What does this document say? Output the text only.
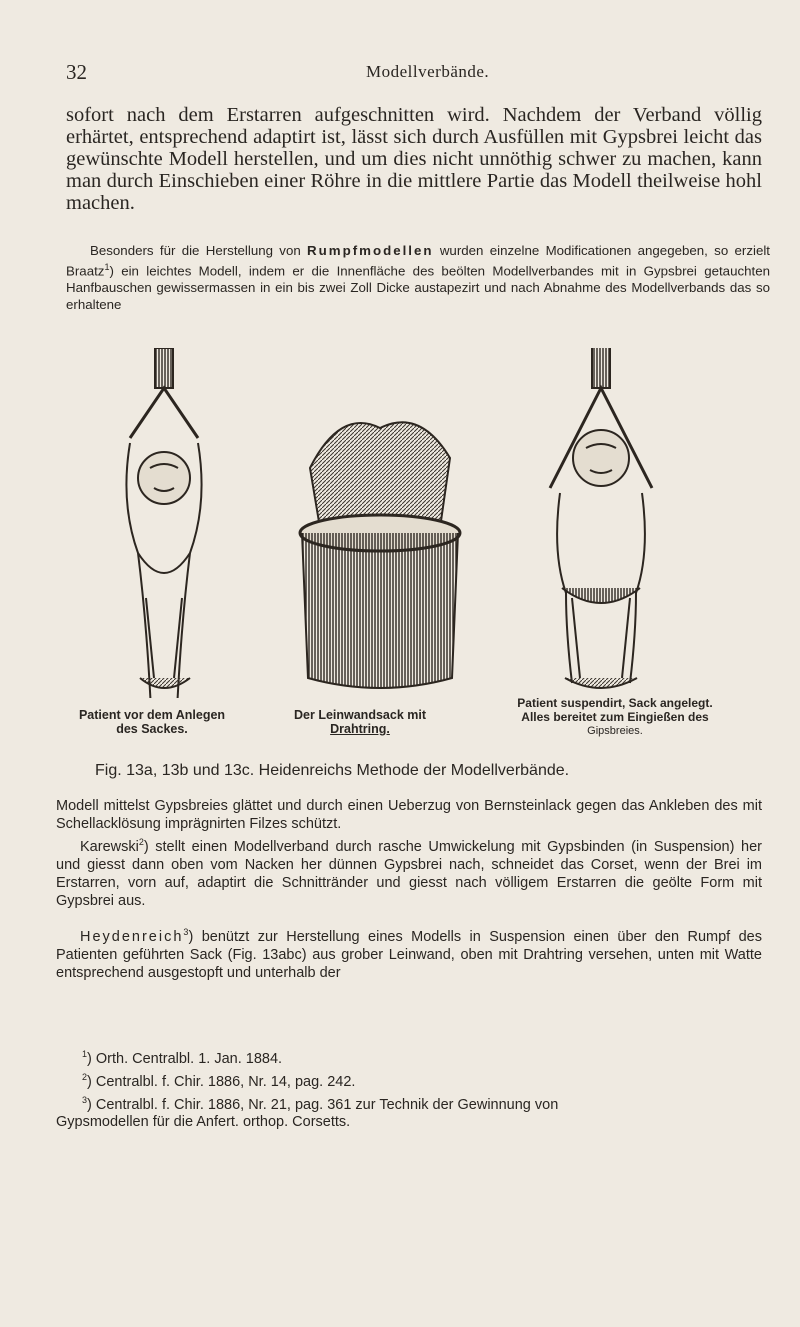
32	Modellverbände.

sofort nach dem Erstarren aufgeschnitten wird. Nachdem der Verband völlig erhärtet, entsprechend adaptirt ist, lässt sich durch Ausfüllen mit Gypsbrei leicht das gewünschte Modell herstellen, und um dies nicht unnöthig schwer zu machen, kann man durch Einschieben einer Röhre in die mittlere Partie das Modell theilweise hohl machen.

Besonders für die Herstellung von Rumpfmodellen wurden einzelne Modificationen angegeben, so erzielt Braatz$^1$) ein leichtes Modell, indem er die Innenfläche des beölten Modellverbandes mit in Gypsbrei getauchten Hanfbauschen gewissermassen in ein bis zwei Zoll Dicke austapezirt und nach Abnahme des Modellverbands das so erhaltene

Patient vor dem Anlegen
des Sackes.
Der Leinwandsack mit
Drahtring.
Patient suspendirt, Sack angelegt.
Alles bereitet zum Eingießen des
Gipsbreies.
Fig. 13a, 13b und 13c. Heidenreichs Methode der Modellverbände.

Modell mittelst Gypsbreies glättet und durch einen Ueberzug von Bernsteinlack gegen das Ankleben des mit Schellacklösung imprägnirten Filzes schützt.

Karewski$^2$) stellt einen Modellverband durch rasche Umwickelung mit Gypsbinden (in Suspension) her und giesst dann oben vom Nacken her dünnen Gypsbrei nach, schneidet das Corset, wenn der Brei im Erstarren, vorn auf, adaptirt die Schnittränder und giesst nach völligem Erstarren die geölte Form mit Gypsbrei aus.

Heydenreich$^3$) benützt zur Herstellung eines Modells in Suspension einen über den Rumpf des Patienten geführten Sack (Fig. 13abc) aus grober Leinwand, oben mit Drahtring versehen, unten mit Watte entsprechend ausgestopft und unterhalb der

$^1$) Orth. Centralbl. 1. Jan. 1884.

$^2$) Centralbl. f. Chir. 1886, Nr. 14, pag. 242.

$^3$) Centralbl. f. Chir. 1886, Nr. 21, pag. 361 zur Technik der Gewinnung von

Gypsmodellen für die Anfert. orthop. Corsetts.
